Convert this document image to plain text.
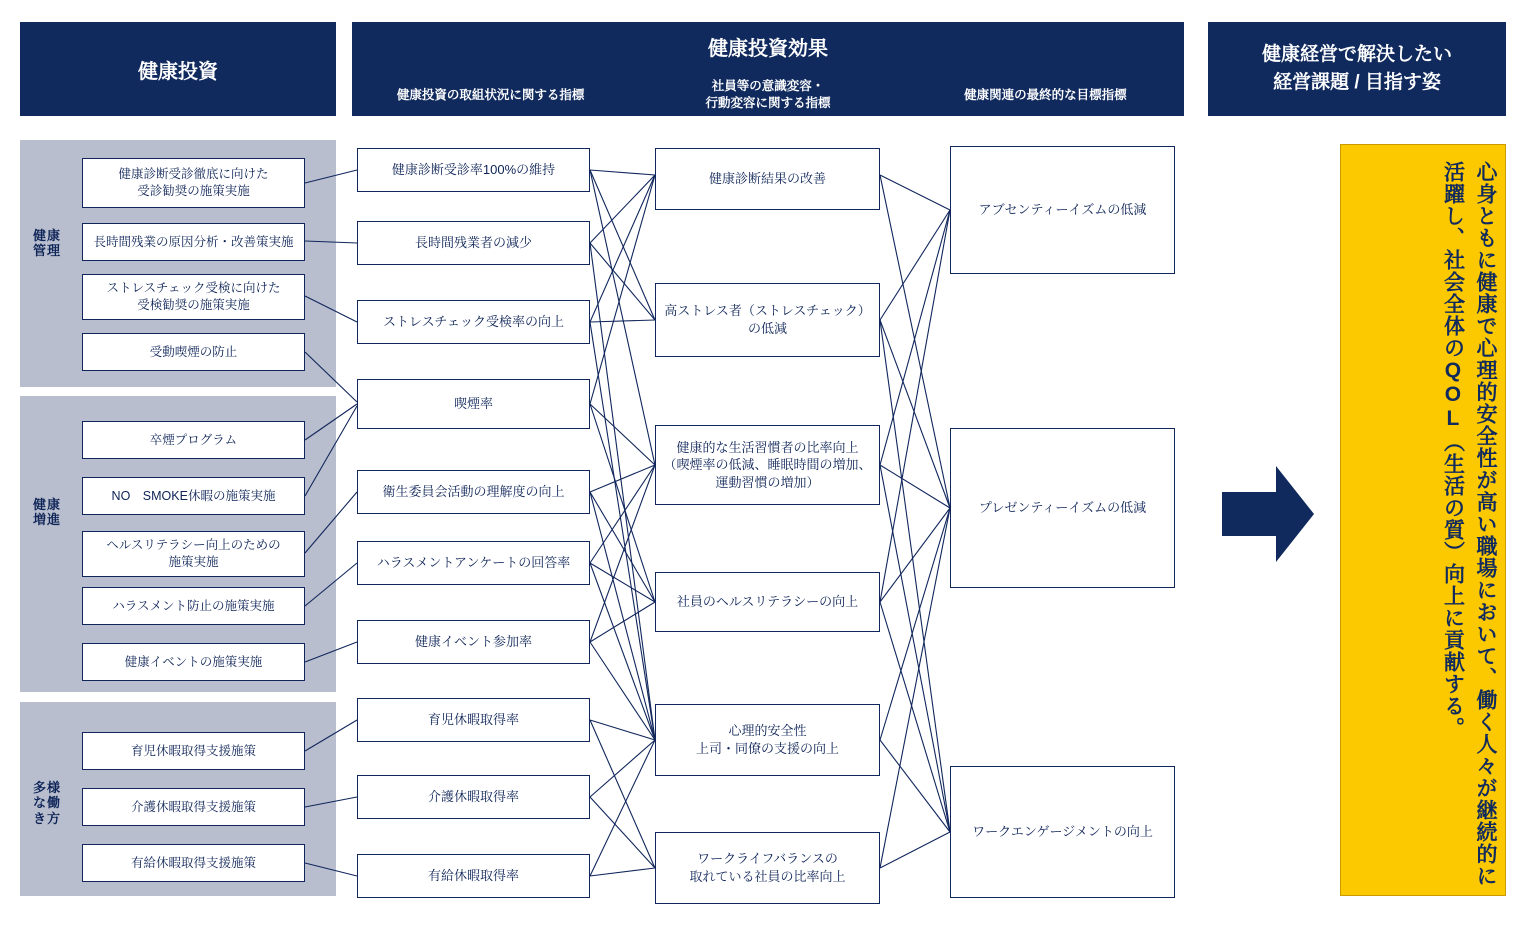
健康投資
健康投資効果
健康投資の取組状況に関する指標
社員等の意識変容・
行動変容に関する指標
健康関連の最終的な目標指標
健康経営で解決したい
経営課題 / 目指す姿
健康管理
健康増進
多様な働き方
健康診断受診徹底に向けた
受診勧奨の施策実施
長時間残業の原因分析・改善策実施
ストレスチェック受検に向けた
受検勧奨の施策実施
受動喫煙の防止
卒煙プログラム
NO　SMOKE休暇の施策実施
ヘルスリテラシー向上のための
施策実施
ハラスメント防止の施策実施
健康イベントの施策実施
育児休暇取得支援施策
介護休暇取得支援施策
有給休暇取得支援施策
健康診断受診率100%の維持
長時間残業者の減少
ストレスチェック受検率の向上
喫煙率
衛生委員会活動の理解度の向上
ハラスメントアンケートの回答率
健康イベント参加率
育児休暇取得率
介護休暇取得率
有給休暇取得率
健康診断結果の改善
高ストレス者（ストレスチェック）
の低減
健康的な生活習慣者の比率向上
（喫煙率の低減、睡眠時間の増加、
運動習慣の増加）
社員のヘルスリテラシーの向上
心理的安全性
上司・同僚の支援の向上
ワークライフバランスの
取れている社員の比率向上
アブセンティーイズムの低減
プレゼンティーイズムの低減
ワークエンゲージメントの向上	心身ともに健康で心理的安全性が高い職場において、働く人々が継続的に活躍し、社会全体のQOL（生活の質）向上に貢献する。
